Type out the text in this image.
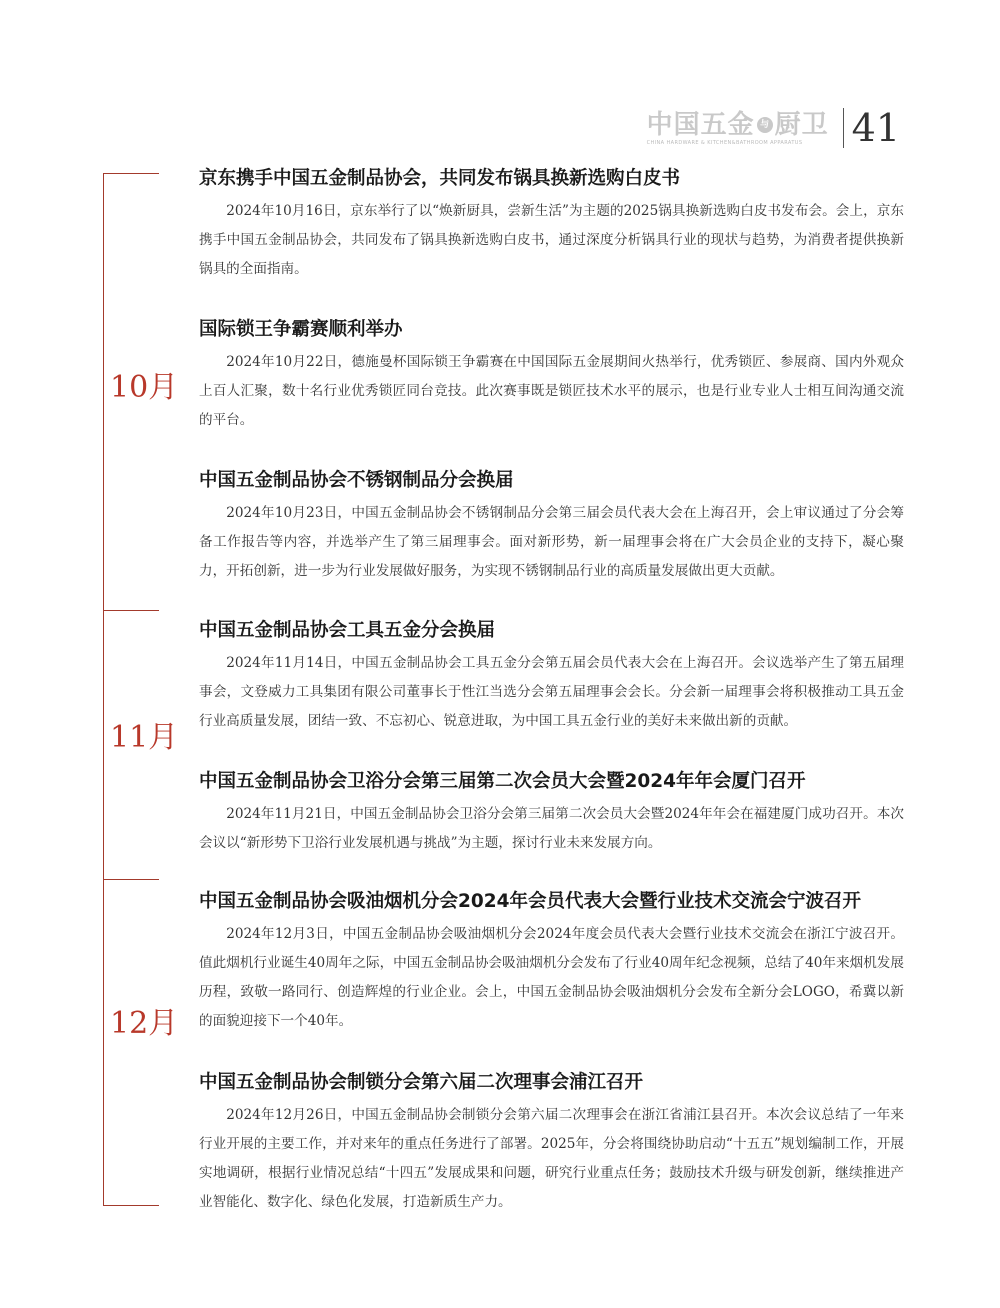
中国五金 与 厨卫
CHINA HARDWARE & KITCHEN&BATHROOM APPARATUS 41
10月
11月
12月
京东携手中国五金制品协会，共同发布锅具换新选购白皮书

2024年10月16日，京东举行了以“焕新厨具，尝新生活”为主题的2025锅具换新选购白皮书发布会。会上，京东携手中国五金制品协会，共同发布了锅具换新选购白皮书，通过深度分析锅具行业的现状与趋势，为消费者提供换新锅具的全面指南。

国际锁王争霸赛顺利举办

2024年10月22日，德施曼杯国际锁王争霸赛在中国国际五金展期间火热举行，优秀锁匠、参展商、国内外观众上百人汇聚，数十名行业优秀锁匠同台竞技。此次赛事既是锁匠技术水平的展示，也是行业专业人士相互间沟通交流的平台。

中国五金制品协会不锈钢制品分会换届

2024年10月23日，中国五金制品协会不锈钢制品分会第三届会员代表大会在上海召开，会上审议通过了分会筹备工作报告等内容，并选举产生了第三届理事会。面对新形势，新一届理事会将在广大会员企业的支持下，凝心聚力，开拓创新，进一步为行业发展做好服务，为实现不锈钢制品行业的高质量发展做出更大贡献。

中国五金制品协会工具五金分会换届

2024年11月14日，中国五金制品协会工具五金分会第五届会员代表大会在上海召开。会议选举产生了第五届理事会，文登威力工具集团有限公司董事长于性江当选分会第五届理事会会长。分会新一届理事会将积极推动工具五金行业高质量发展，团结一致、不忘初心、锐意进取，为中国工具五金行业的美好未来做出新的贡献。

中国五金制品协会卫浴分会第三届第二次会员大会暨2024年年会厦门召开

2024年11月21日，中国五金制品协会卫浴分会第三届第二次会员大会暨2024年年会在福建厦门成功召开。本次会议以“新形势下卫浴行业发展机遇与挑战”为主题，探讨行业未来发展方向。

中国五金制品协会吸油烟机分会2024年会员代表大会暨行业技术交流会宁波召开

2024年12月3日，中国五金制品协会吸油烟机分会2024年度会员代表大会暨行业技术交流会在浙江宁波召开。值此烟机行业诞生40周年之际，中国五金制品协会吸油烟机分会发布了行业40周年纪念视频，总结了40年来烟机发展历程，致敬一路同行、创造辉煌的行业企业。会上，中国五金制品协会吸油烟机分会发布全新分会LOGO，希冀以新的面貌迎接下一个40年。

中国五金制品协会制锁分会第六届二次理事会浦江召开

2024年12月26日，中国五金制品协会制锁分会第六届二次理事会在浙江省浦江县召开。本次会议总结了一年来行业开展的主要工作，并对来年的重点任务进行了部署。2025年，分会将围绕协助启动“十五五”规划编制工作，开展实地调研，根据行业情况总结“十四五”发展成果和问题，研究行业重点任务；鼓励技术升级与研发创新，继续推进产业智能化、数字化、绿色化发展，打造新质生产力。
